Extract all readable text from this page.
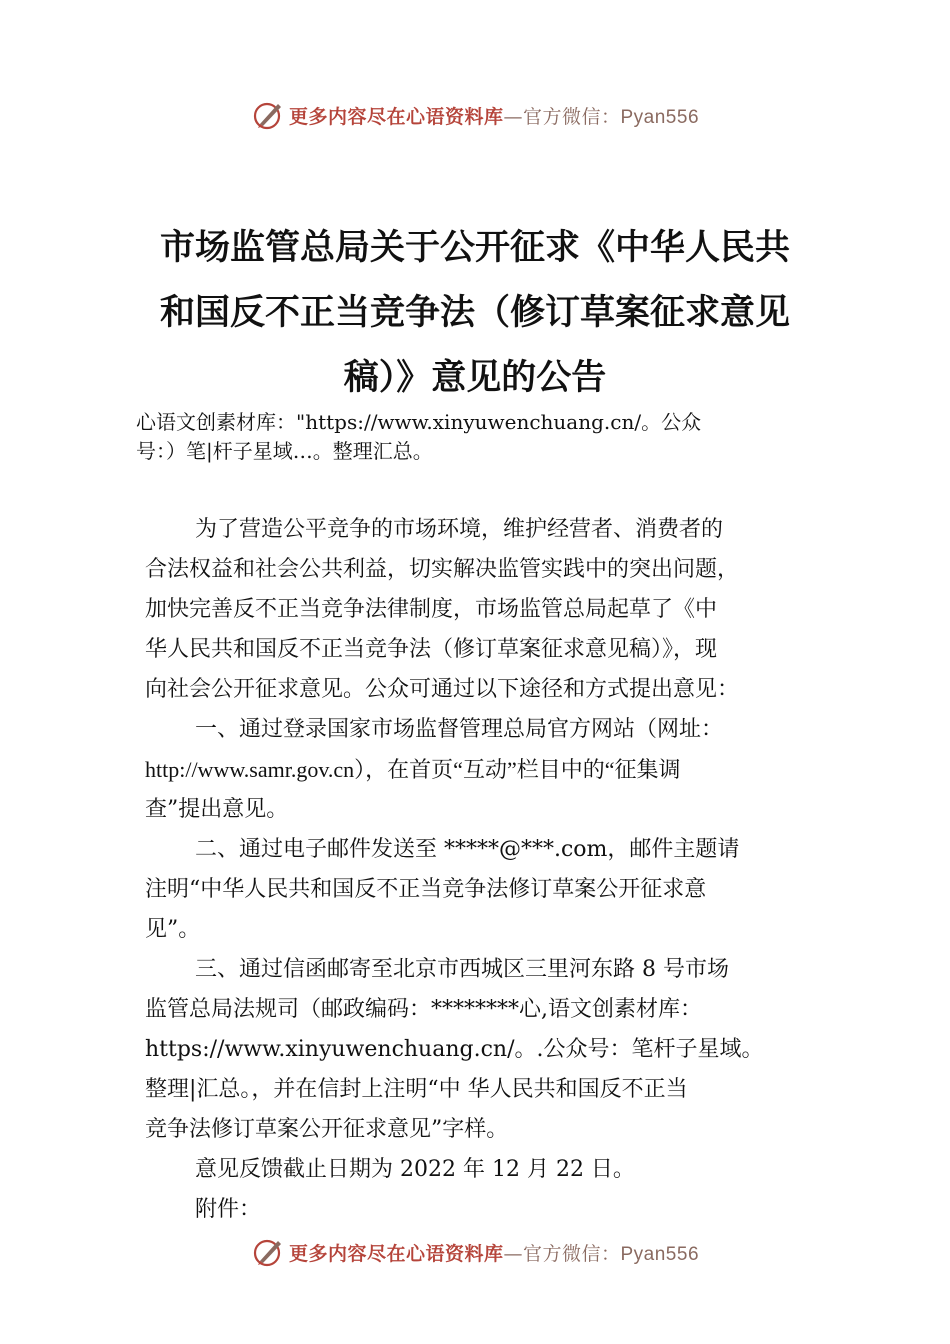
更多内容尽在心语资料库—官方微信：Pyan556
市场监管总局关于公开征求《中华人民共
和国反不正当竞争法（修订草案征求意见
稿）》意见的公告
心语文创素材库："https://www.xinyuwenchuang.cn/。公众
号：）笔|杆子星域…。整理汇总。
为了营造公平竞争的市场环境，维护经营者、消费者的
合法权益和社会公共利益，切实解决监管实践中的突出问题，
加快完善反不正当竞争法律制度，市场监管总局起草了《中
华人民共和国反不正当竞争法（修订草案征求意见稿）》，现
向社会公开征求意见。公众可通过以下途径和方式提出意见：
一、通过登录国家市场监督管理总局官方网站（网址：
http://www.samr.gov.cn），在首页“互动”栏目中的“征集调
查”提出意见。
二、通过电子邮件发送至 *****@***.com，邮件主题请
注明“中华人民共和国反不正当竞争法修订草案公开征求意
见”。
三、通过信函邮寄至北京市西城区三里河东路 8 号市场
监管总局法规司（邮政编码：********心,语文创素材库：
https://www.xinyuwenchuang.cn/。.公众号：笔杆子星域。
整理|汇总。，并在信封上注明“中 华人民共和国反不正当
竞争法修订草案公开征求意见”字样。
意见反馈截止日期为 2022 年 12 月 22 日。
附件：
更多内容尽在心语资料库—官方微信：Pyan556
